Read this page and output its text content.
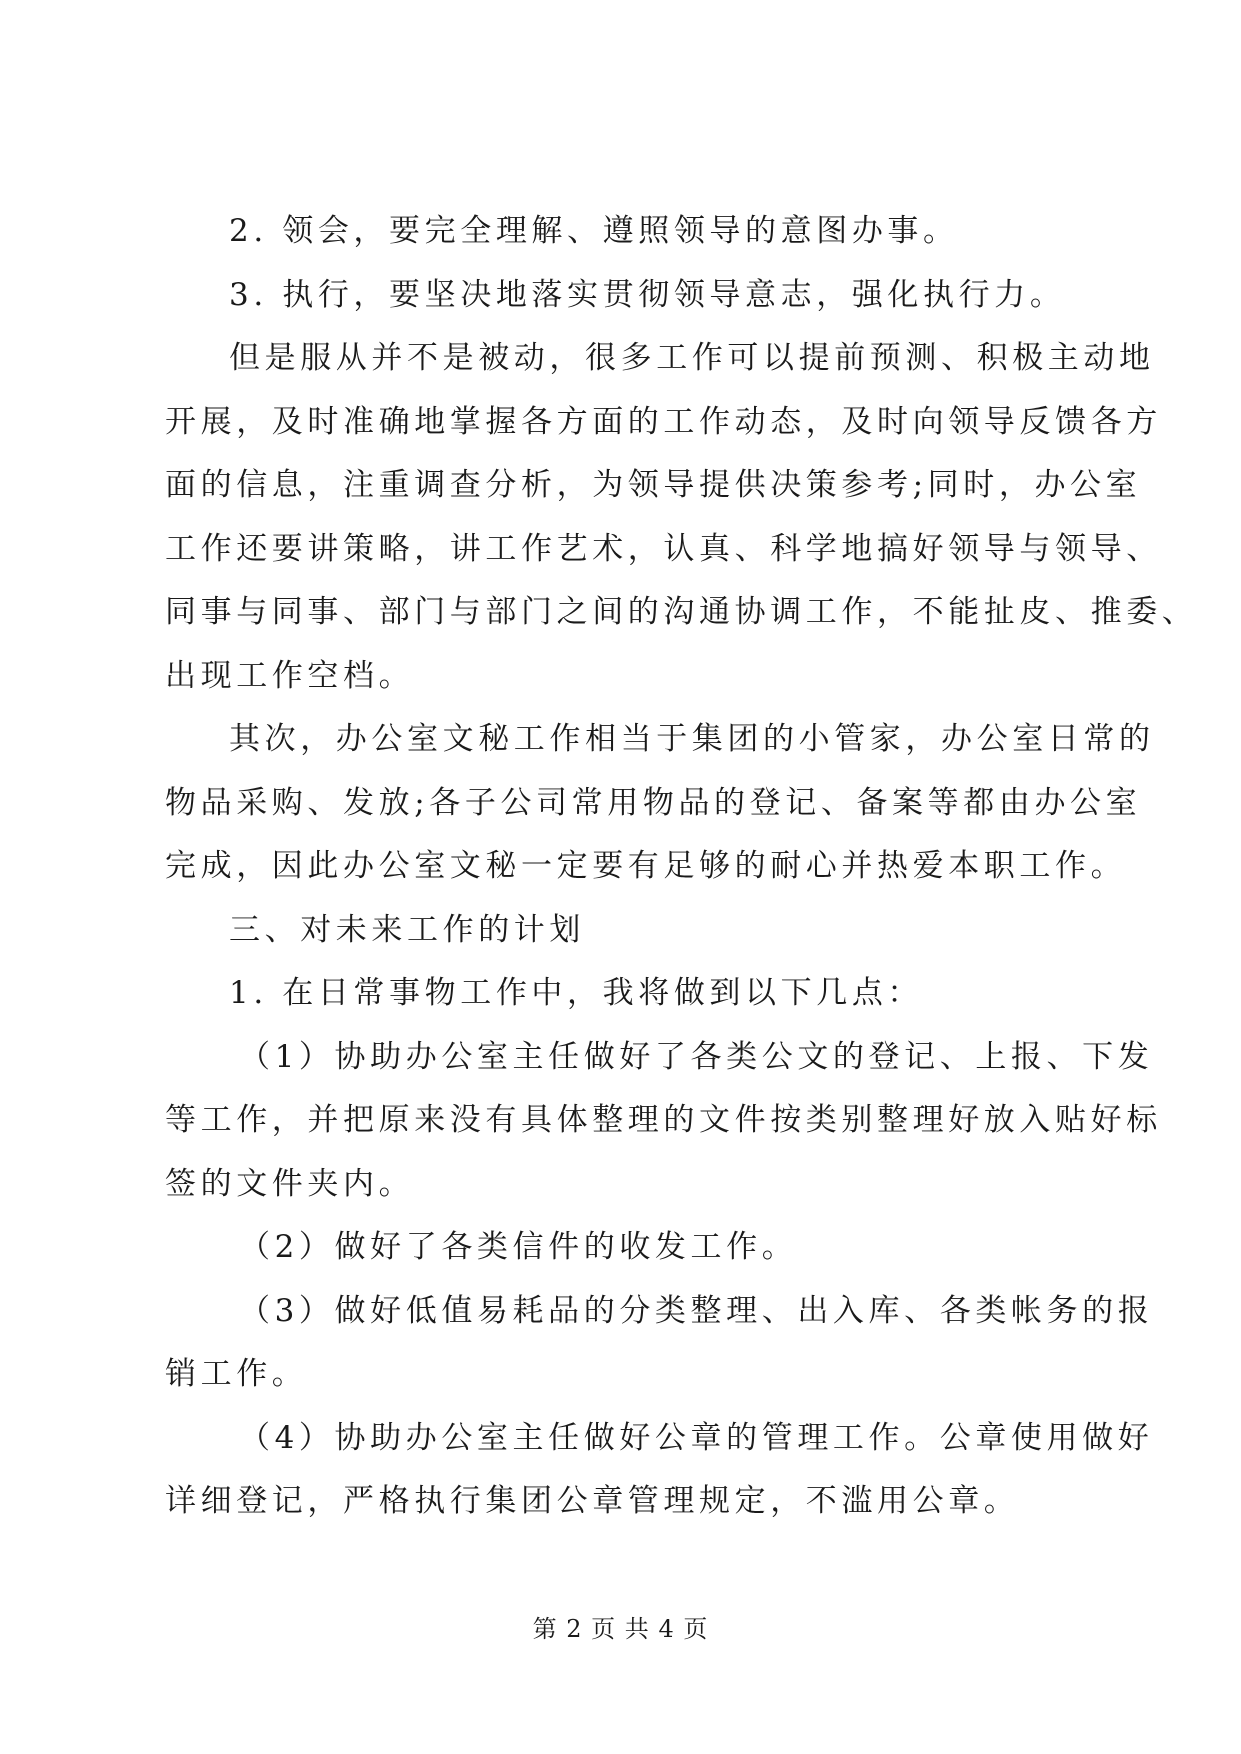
2. 领会，要完全理解、遵照领导的意图办事。
3. 执行，要坚决地落实贯彻领导意志，强化执行力。
但是服从并不是被动，很多工作可以提前预测、积极主动地
开展，及时准确地掌握各方面的工作动态，及时向领导反馈各方
面的信息，注重调查分析，为领导提供决策参考;同时，办公室
工作还要讲策略，讲工作艺术，认真、科学地搞好领导与领导、
同事与同事、部门与部门之间的沟通协调工作，不能扯皮、推委、
出现工作空档。
其次，办公室文秘工作相当于集团的小管家，办公室日常的
物品采购、发放;各子公司常用物品的登记、备案等都由办公室
完成，因此办公室文秘一定要有足够的耐心并热爱本职工作。
三、对未来工作的计划
1. 在日常事物工作中，我将做到以下几点：
（1）协助办公室主任做好了各类公文的登记、上报、下发
等工作，并把原来没有具体整理的文件按类别整理好放入贴好标
签的文件夹内。
（2）做好了各类信件的收发工作。
（3）做好低值易耗品的分类整理、出入库、各类帐务的报
销工作。
（4）协助办公室主任做好公章的管理工作。公章使用做好
详细登记，严格执行集团公章管理规定，不滥用公章。
第 2 页 共 4 页
